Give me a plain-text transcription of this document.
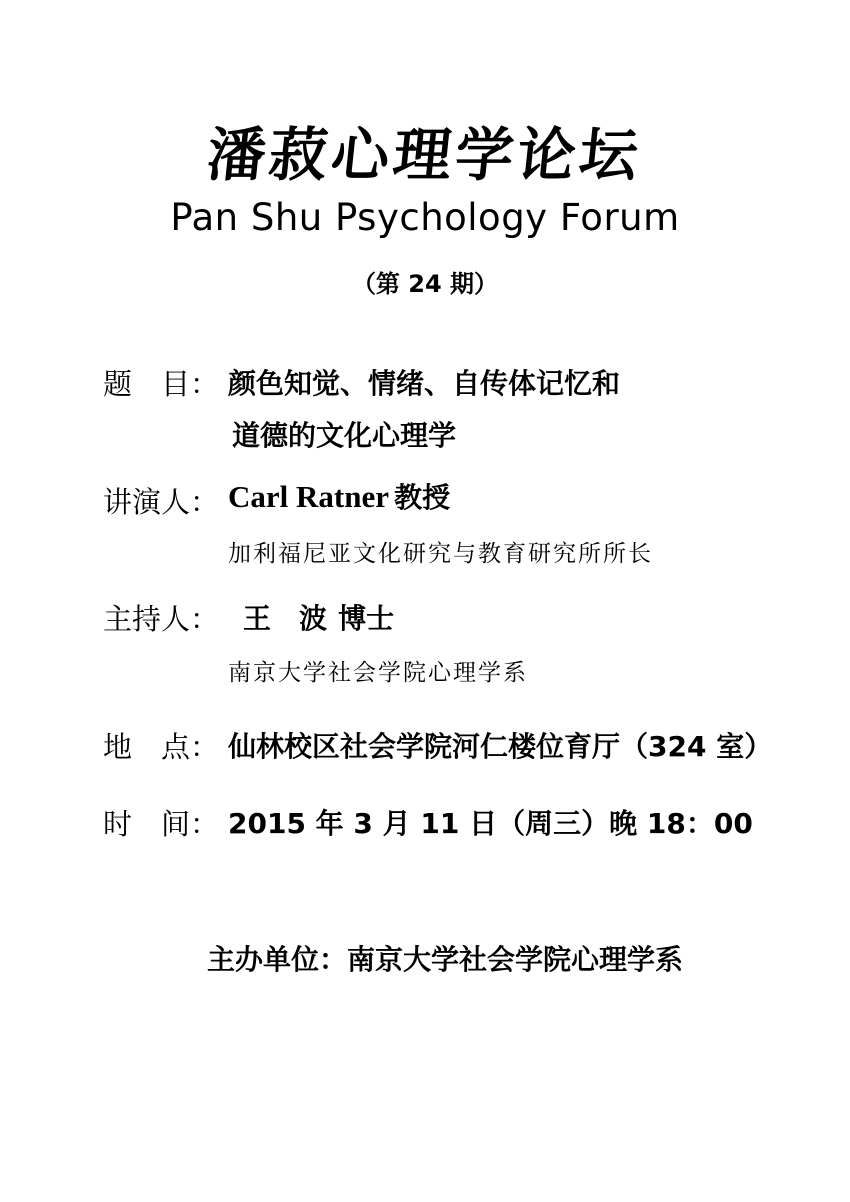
潘菽心理学论坛
Pan Shu Psychology Forum
（第 24 期）
题　目： 颜色知觉、情绪、自传体记忆和
道德的文化心理学
讲演人： Carl Ratner 教授
加利福尼亚文化研究与教育研究所所长
主持人： 王　波 博士
南京大学社会学院心理学系
地　点： 仙林校区社会学院河仁楼位育厅（324 室）
时　间： 2015 年 3 月 11 日（周三）晚 18：00
主办单位：南京大学社会学院心理学系
